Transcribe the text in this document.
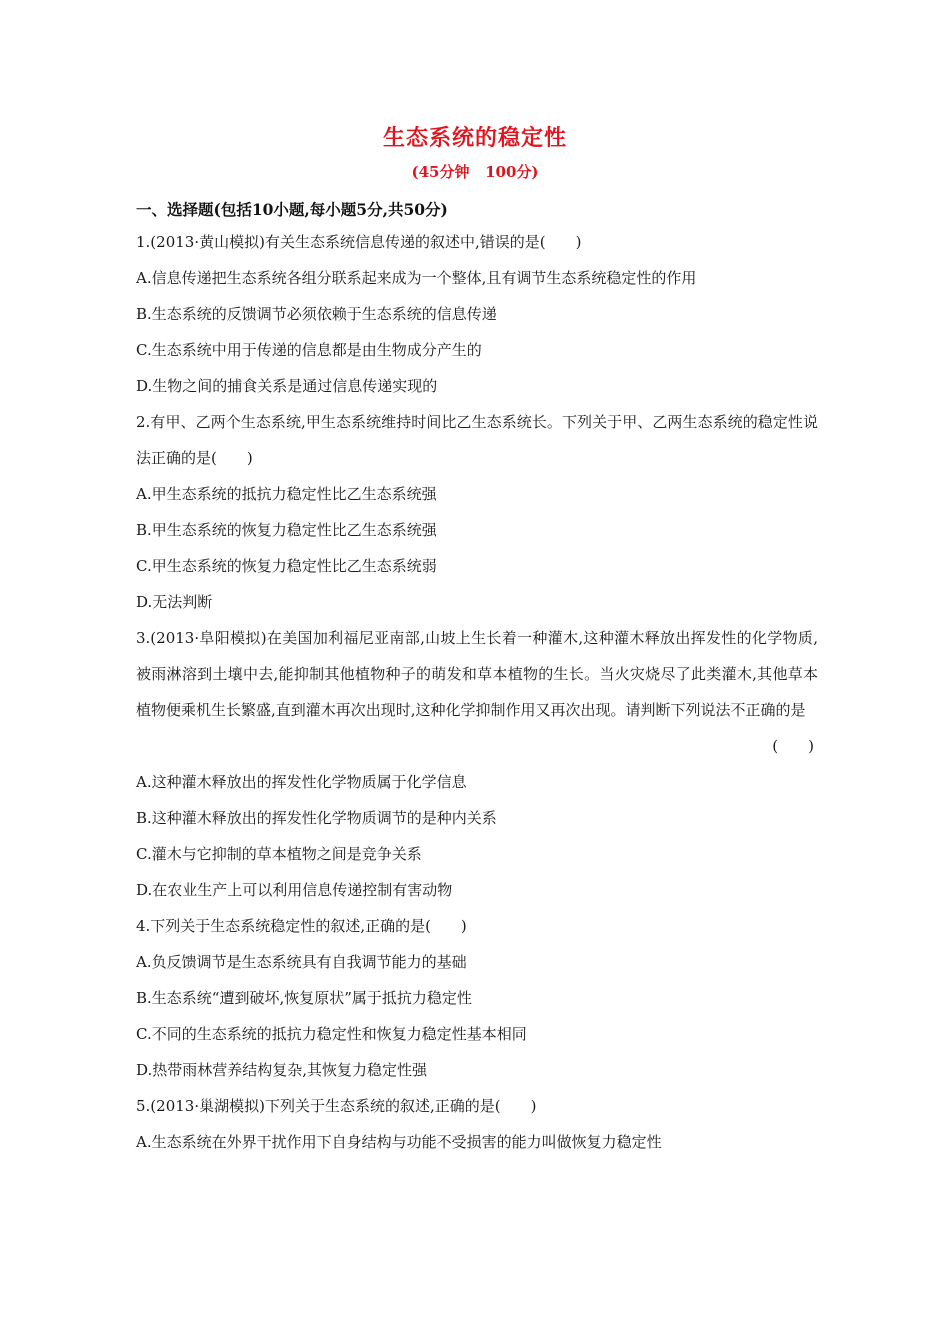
生态系统的稳定性
(45分钟   100分)
一、选择题(包括10小题,每小题5分,共50分)

1.(2013·黄山模拟)有关生态系统信息传递的叙述中,错误的是(　　)

A.信息传递把生态系统各组分联系起来成为一个整体,且有调节生态系统稳定性的作用

B.生态系统的反馈调节必须依赖于生态系统的信息传递

C.生态系统中用于传递的信息都是由生物成分产生的

D.生物之间的捕食关系是通过信息传递实现的

2.有甲、乙两个生态系统,甲生态系统维持时间比乙生态系统长。下列关于甲、乙两生态系统的稳定性说法正确的是(　　)

A.甲生态系统的抵抗力稳定性比乙生态系统强

B.甲生态系统的恢复力稳定性比乙生态系统强

C.甲生态系统的恢复力稳定性比乙生态系统弱

D.无法判断

3.(2013·阜阳模拟)在美国加利福尼亚南部,山坡上生长着一种灌木,这种灌木释放出挥发性的化学物质,被雨淋溶到土壤中去,能抑制其他植物种子的萌发和草本植物的生长。当火灾烧尽了此类灌木,其他草本植物便乘机生长繁盛,直到灌木再次出现时,这种化学抑制作用又再次出现。请判断下列说法不正确的是

(　　)

A.这种灌木释放出的挥发性化学物质属于化学信息

B.这种灌木释放出的挥发性化学物质调节的是种内关系

C.灌木与它抑制的草本植物之间是竞争关系

D.在农业生产上可以利用信息传递控制有害动物

4.下列关于生态系统稳定性的叙述,正确的是(　　)

A.负反馈调节是生态系统具有自我调节能力的基础

B.生态系统“遭到破坏,恢复原状”属于抵抗力稳定性

C.不同的生态系统的抵抗力稳定性和恢复力稳定性基本相同

D.热带雨林营养结构复杂,其恢复力稳定性强

5.(2013·巢湖模拟)下列关于生态系统的叙述,正确的是(　　)

A.生态系统在外界干扰作用下自身结构与功能不受损害的能力叫做恢复力稳定性
